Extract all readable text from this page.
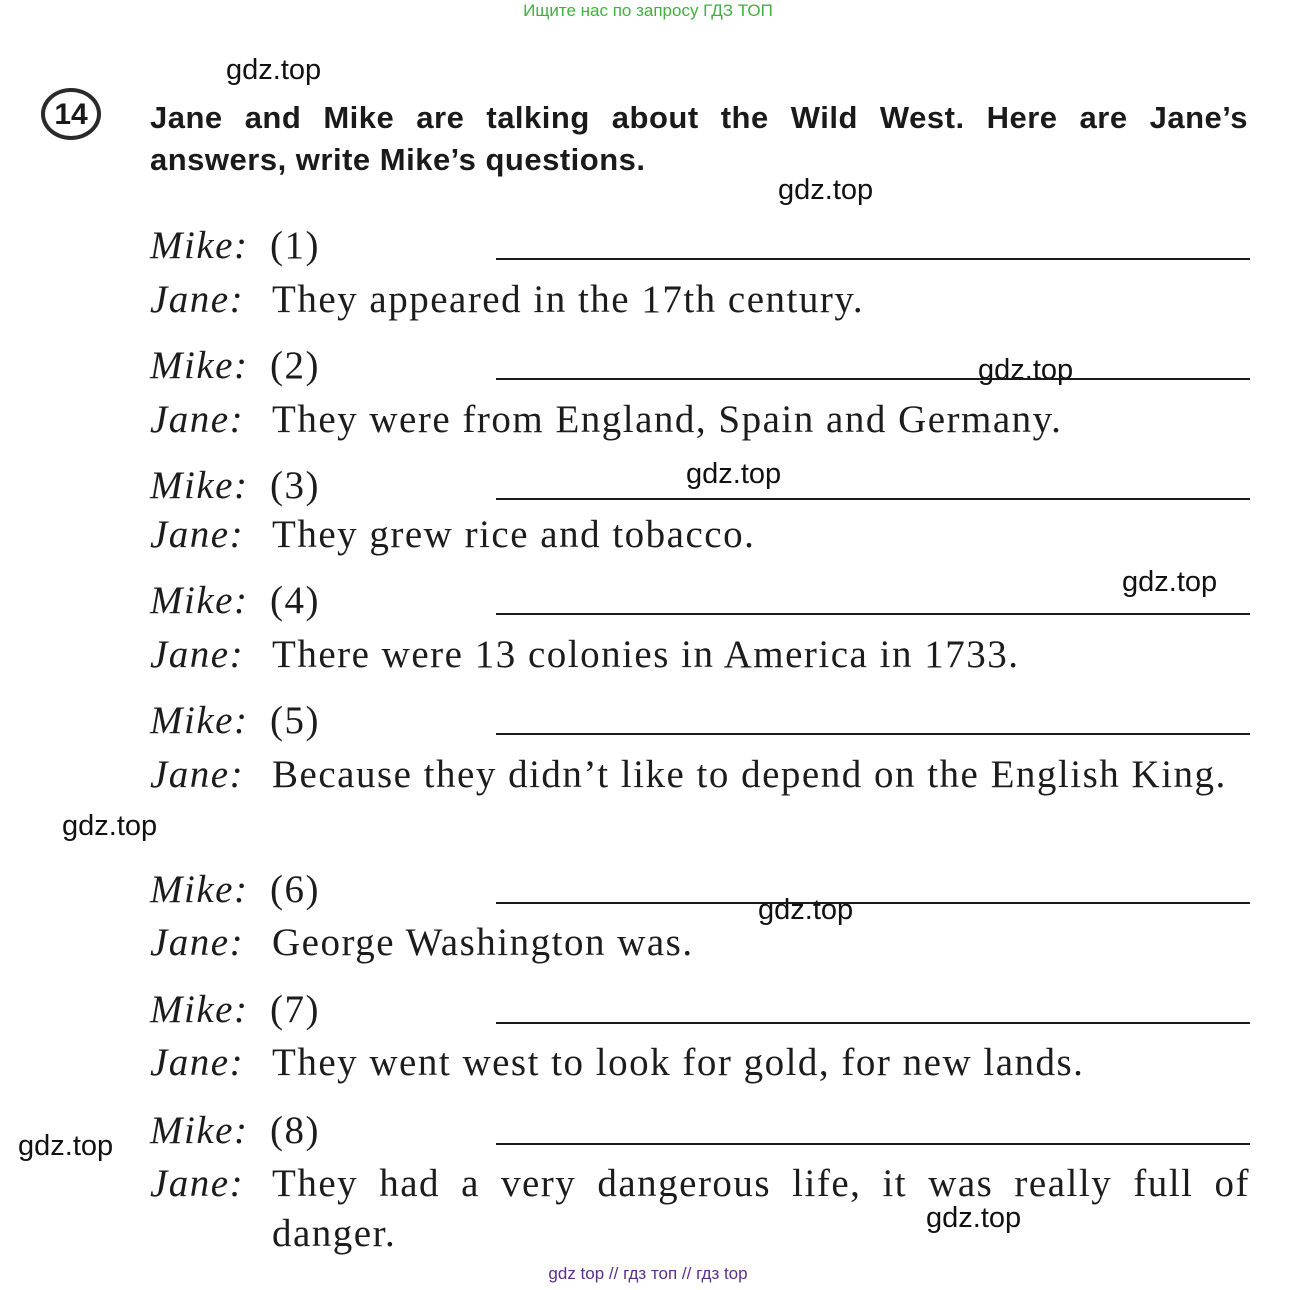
Ищите нас по запросу ГДЗ ТОП
gdz.top
gdz.top
gdz.top
gdz.top
gdz.top
gdz.top
gdz.top
gdz.top
gdz.top
14	Jane and Mike are talking about the Wild West. Here are Jane’s answers, write Mike’s questions.
Mike: (1)
Jane: They appeared in the 17th century.
Mike: (2)
Jane: They were from England, Spain and Germany.
Mike: (3)
Jane: They grew rice and tobacco.
Mike: (4)
Jane: There were 13 colonies in America in 1733.
Mike: (5)
Jane: Because they didn’t like to depend on the English King.
Mike: (6)
Jane: George Washington was.
Mike: (7)
Jane: They went west to look for gold, for new lands.
Mike: (8)
Jane: They had a very dangerous life, it was really full of danger.
gdz top // гдз топ // гдз top
